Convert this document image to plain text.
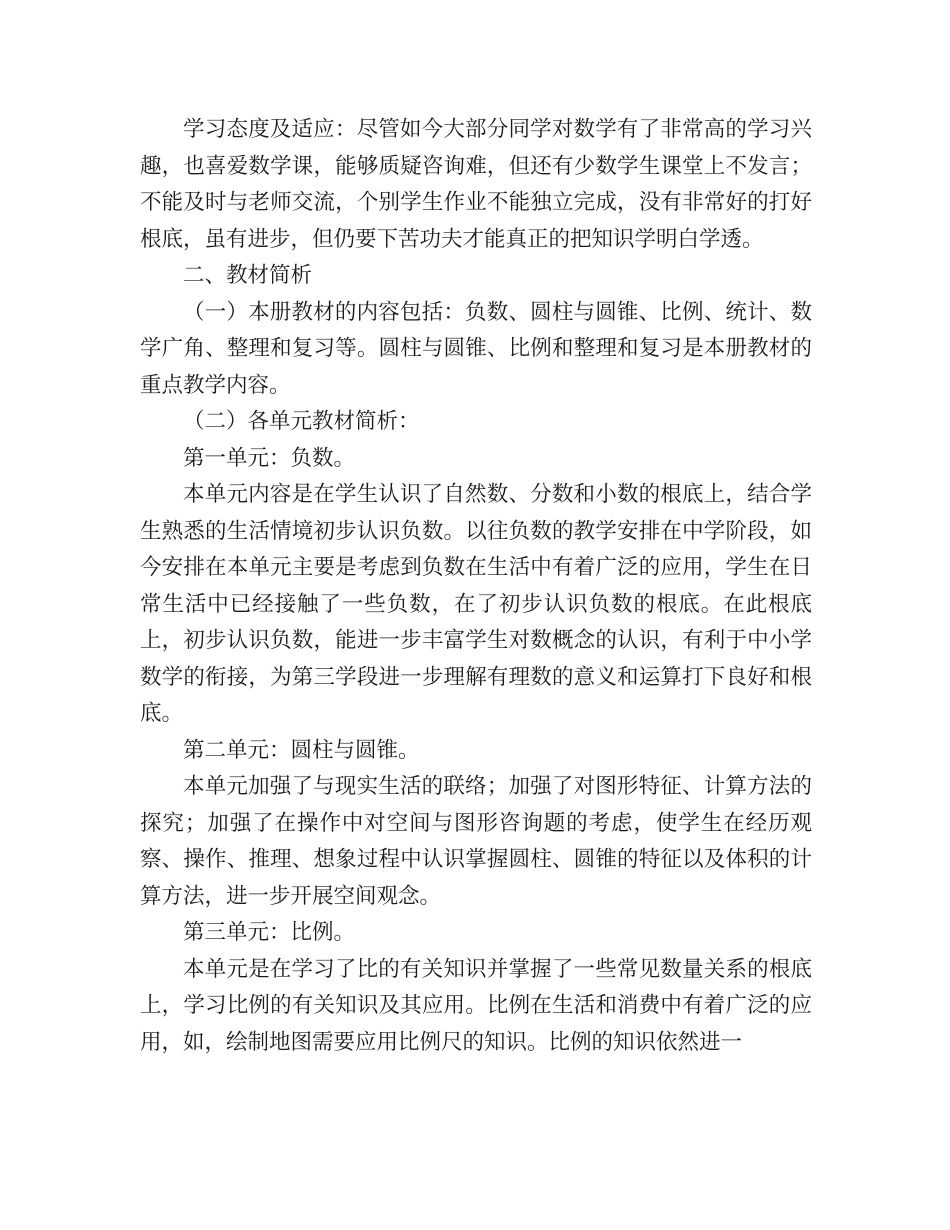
学习态度及适应：尽管如今大部分同学对数学有了非常高的学习兴趣，也喜爱数学课，能够质疑咨询难，但还有少数学生课堂上不发言；不能及时与老师交流，个别学生作业不能独立完成，没有非常好的打好根底，虽有进步，但仍要下苦功夫才能真正的把知识学明白学透。

二、教材简析

（一）本册教材的内容包括：负数、圆柱与圆锥、比例、统计、数学广角、整理和复习等。圆柱与圆锥、比例和整理和复习是本册教材的重点教学内容。

（二）各单元教材简析：

第一单元：负数。

本单元内容是在学生认识了自然数、分数和小数的根底上，结合学生熟悉的生活情境初步认识负数。以往负数的教学安排在中学阶段，如今安排在本单元主要是考虑到负数在生活中有着广泛的应用，学生在日常生活中已经接触了一些负数，在了初步认识负数的根底。在此根底上，初步认识负数，能进一步丰富学生对数概念的认识，有利于中小学数学的衔接，为第三学段进一步理解有理数的意义和运算打下良好和根底。

第二单元：圆柱与圆锥。

本单元加强了与现实生活的联络；加强了对图形特征、计算方法的探究；加强了在操作中对空间与图形咨询题的考虑，使学生在经历观察、操作、推理、想象过程中认识掌握圆柱、圆锥的特征以及体积的计算方法，进一步开展空间观念。

第三单元：比例。

本单元是在学习了比的有关知识并掌握了一些常见数量关系的根底上，学习比例的有关知识及其应用。比例在生活和消费中有着广泛的应用，如，绘制地图需要应用比例尺的知识。比例的知识依然进一
